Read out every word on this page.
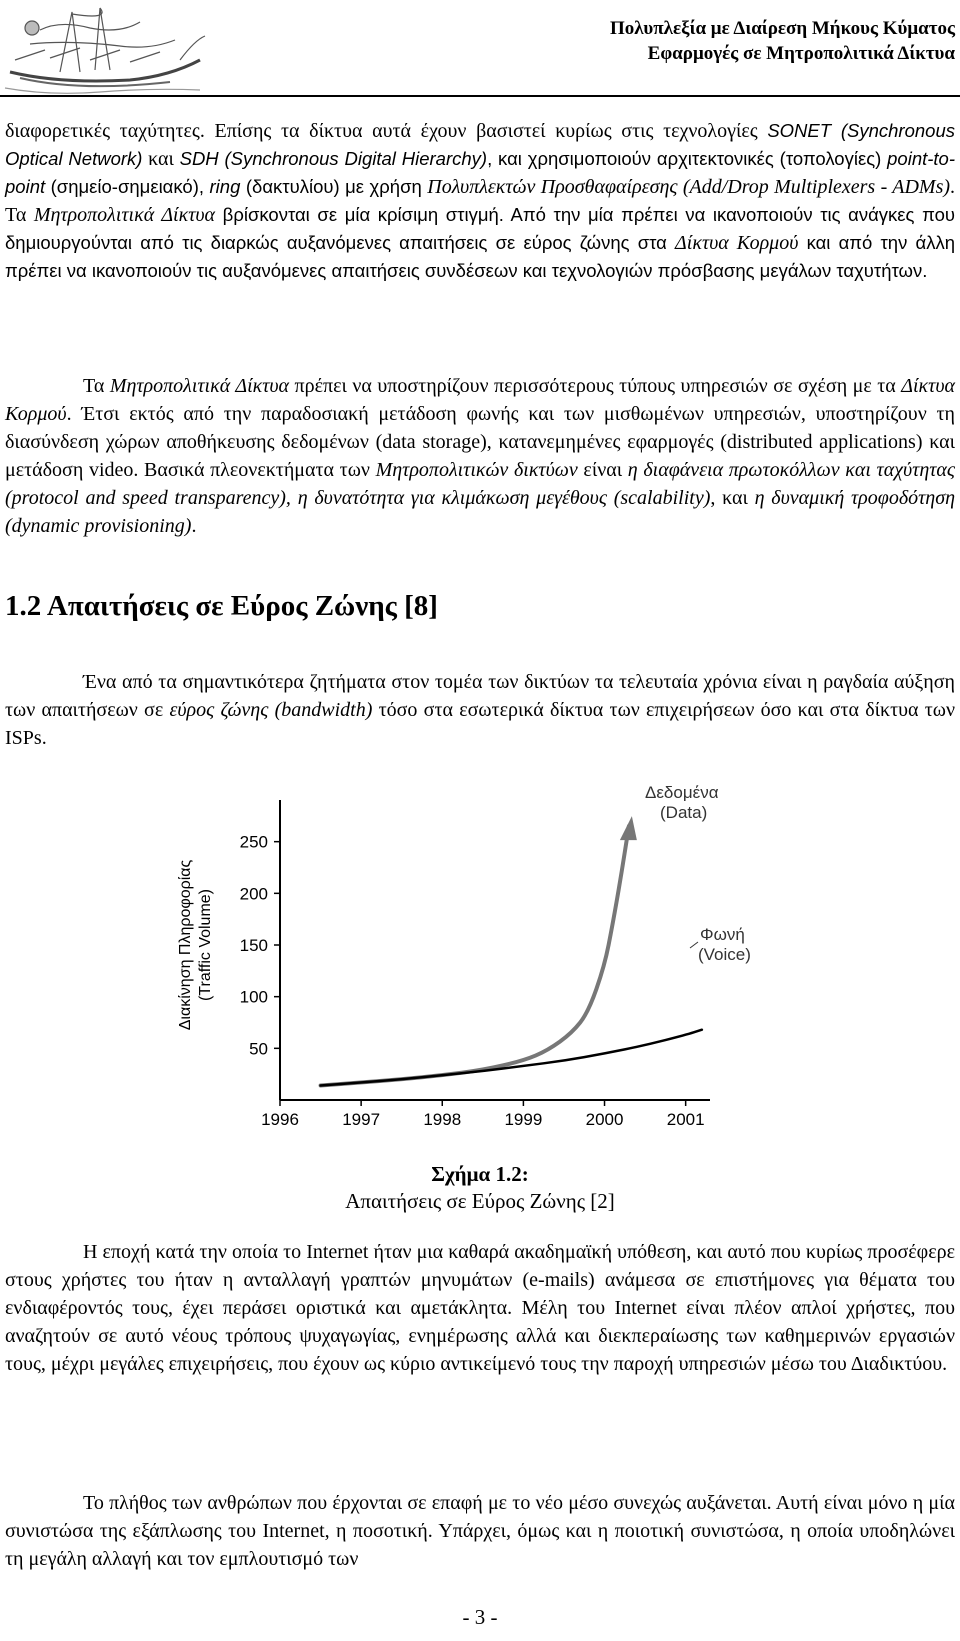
Πολυπλεξία με Διαίρεση Μήκους Κύματος
Εφαρμογές σε Μητροπολιτικά Δίκτυα

διαφορετικές ταχύτητες. Επίσης τα δίκτυα αυτά έχουν βασιστεί κυρίως στις τεχνολογίες SONET (Synchronous Optical Network) και SDH (Synchronous Digital Hierarchy), και χρησιμοποιούν αρχιτεκτονικές (τοπολογίες) point-to-point (σημείο-σημειακό), ring (δακτυλίου) με χρήση Πολυπλεκτών Προσθαφαίρεσης (Add/Drop Multiplexers - ADMs). Τα Μητροπολιτικά Δίκτυα βρίσκονται σε μία κρίσιμη στιγμή. Από την μία πρέπει να ικανοποιούν τις ανάγκες που δημιουργούνται από τις διαρκώς αυξανόμενες απαιτήσεις σε εύρος ζώνης στα Δίκτυα Κορμού και από την άλλη πρέπει να ικανοποιούν τις αυξανόμενες απαιτήσεις συνδέσεων και τεχνολογιών πρόσβασης μεγάλων ταχυτήτων.

Τα Μητροπολιτικά Δίκτυα πρέπει να υποστηρίζουν περισσότερους τύπους υπηρεσιών σε σχέση με τα Δίκτυα Κορμού. Έτσι εκτός από την παραδοσιακή μετάδοση φωνής και των μισθωμένων υπηρεσιών, υποστηρίζουν τη διασύνδεση χώρων αποθήκευσης δεδομένων (data storage), κατανεμημένες εφαρμογές (distributed applications) και μετάδοση video. Βασικά πλεονεκτήματα των Μητροπολιτικών δικτύων είναι η διαφάνεια πρωτοκόλλων και ταχύτητας (protocol and speed transparency), η δυνατότητα για κλιμάκωση μεγέθους (scalability), και η δυναμική τροφοδότηση (dynamic provisioning).

1.2 Απαιτήσεις σε Εύρος Ζώνης [8]

Ένα από τα σημαντικότερα ζητήματα στον τομέα των δικτύων τα τελευταία χρόνια είναι η ραγδαία αύξηση των απαιτήσεων σε εύρος ζώνης (bandwidth) τόσο στα εσωτερικά δίκτυα των επιχειρήσεων όσο και στα δίκτυα των ISPs.

50
100
150
200
250
1996	1997	1998	1999	2000	2001
Διακίνηση Πληροφορίας (Traffic Volume)
Δεδομένα
(Data)
Φωνή
(Voice)
Σχήμα 1.2:
Απαιτήσεις σε Εύρος Ζώνης [2]

Η εποχή κατά την οποία το Internet ήταν μια καθαρά ακαδημαϊκή υπόθεση, και αυτό που κυρίως προσέφερε στους χρήστες του ήταν η ανταλλαγή γραπτών μηνυμάτων (e-mails) ανάμεσα σε επιστήμονες για θέματα του ενδιαφέροντός τους, έχει περάσει οριστικά και αμετάκλητα. Μέλη του Internet είναι πλέον απλοί χρήστες, που αναζητούν σε αυτό νέους τρόπους ψυχαγωγίας, ενημέρωσης αλλά και διεκπεραίωσης των καθημερινών εργασιών τους, μέχρι μεγάλες επιχειρήσεις, που έχουν ως κύριο αντικείμενό τους την παροχή υπηρεσιών μέσω του Διαδικτύου.

Το πλήθος των ανθρώπων που έρχονται σε επαφή με το νέο μέσο συνεχώς αυξάνεται. Αυτή είναι μόνο η μία συνιστώσα της εξάπλωσης του Internet, η ποσοτική. Υπάρχει, όμως και η ποιοτική συνιστώσα, η οποία υποδηλώνει τη μεγάλη αλλαγή και τον εμπλουτισμό των

- 3 -
